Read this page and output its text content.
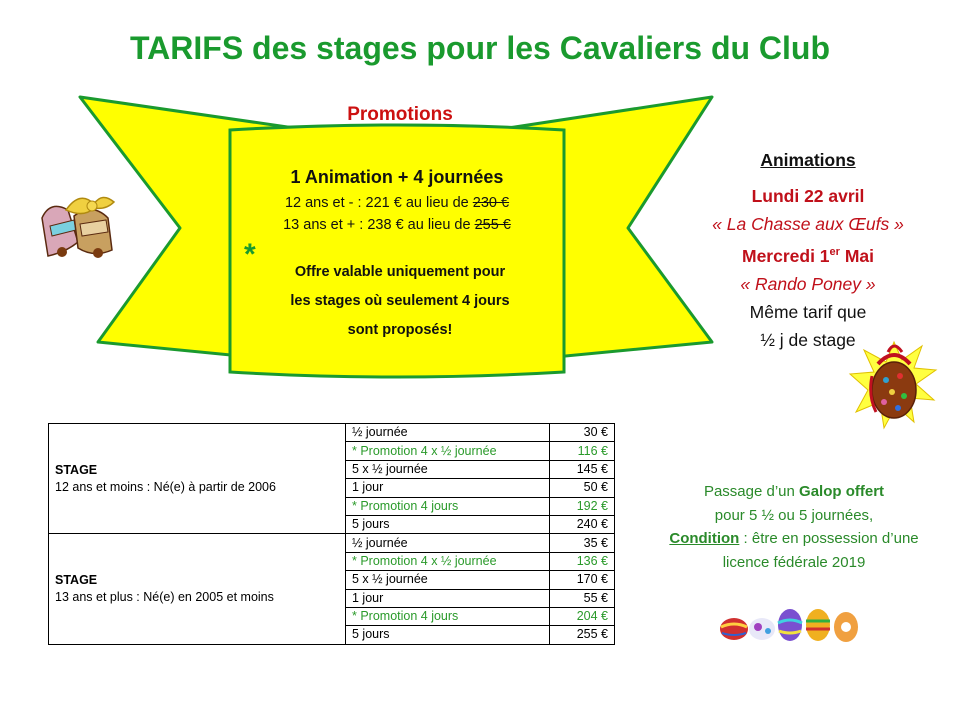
TARIFS des stages pour les Cavaliers du Club
Promotions
1 Animation + 4 journées
12 ans et - : 221 € au lieu de 230 €
13 ans et + : 238 € au lieu de 255 €
*
Offre valable uniquement pour
les stages où seulement 4 jours
sont proposés!
Animations
Lundi 22 avril
« La Chasse aux Œufs »
Mercredi 1er Mai
« Rando Poney »
Même tarif que
½ j de stage
STAGE
12 ans et moins : Né(e) à partir de 2006	½ journée	30 €
	* Promotion 4 x ½ journée	116 €
	5 x ½ journée	145 €
	1 jour	50 €
	* Promotion 4 jours	192 €
	5 jours	240 €

STAGE
13 ans et plus : Né(e) en 2005 et moins	½ journée	35 €
	* Promotion 4 x ½ journée	136 €
	5 x ½ journée	170 €
	1 jour	55 €
	* Promotion 4 jours	204 €
	5 jours	255 €
Passage d’un Galop offert
pour 5 ½ ou 5 journées,
Condition : être en possession d’une
licence fédérale 2019
